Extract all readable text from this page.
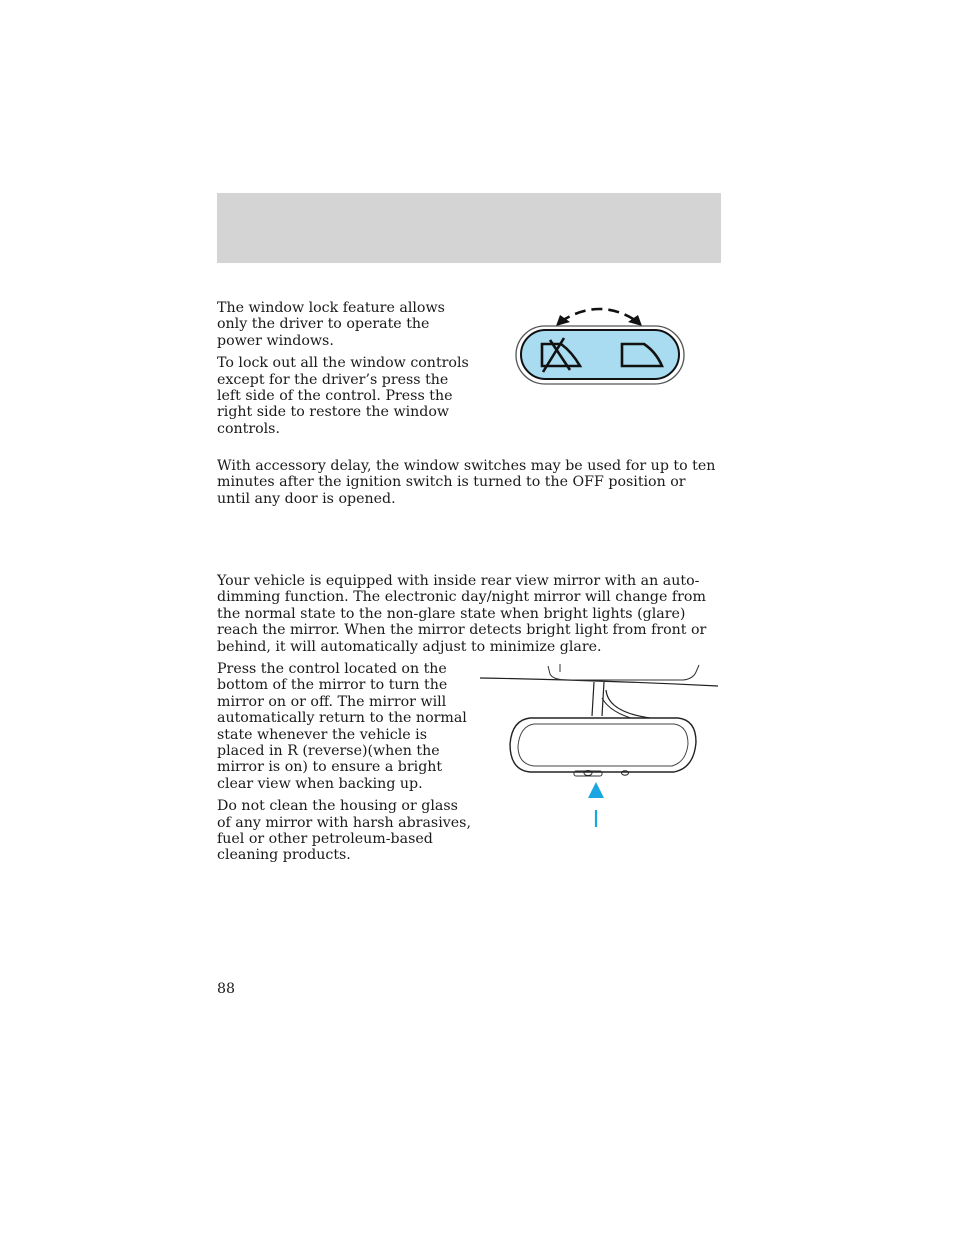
The window lock feature allows only the driver to operate the power windows.

To lock out all the window controls except for the driver’s press the left side of the control. Press the right side to restore the window controls.

With accessory delay, the window switches may be used for up to ten minutes after the ignition switch is turned to the OFF position or until any door is opened.

Your vehicle is equipped with inside rear view mirror with an auto-dimming function. The electronic day/night mirror will change from the normal state to the non-glare state when bright lights (glare) reach the mirror. When the mirror detects bright light from front or behind, it will automatically adjust to minimize glare.

Press the control located on the bottom of the mirror to turn the mirror on or off. The mirror will automatically return to the normal state whenever the vehicle is placed in R (reverse)(when the mirror is on) to ensure a bright clear view when backing up.

Do not clean the housing or glass of any mirror with harsh abrasives, fuel or other petroleum-based cleaning products.

88
